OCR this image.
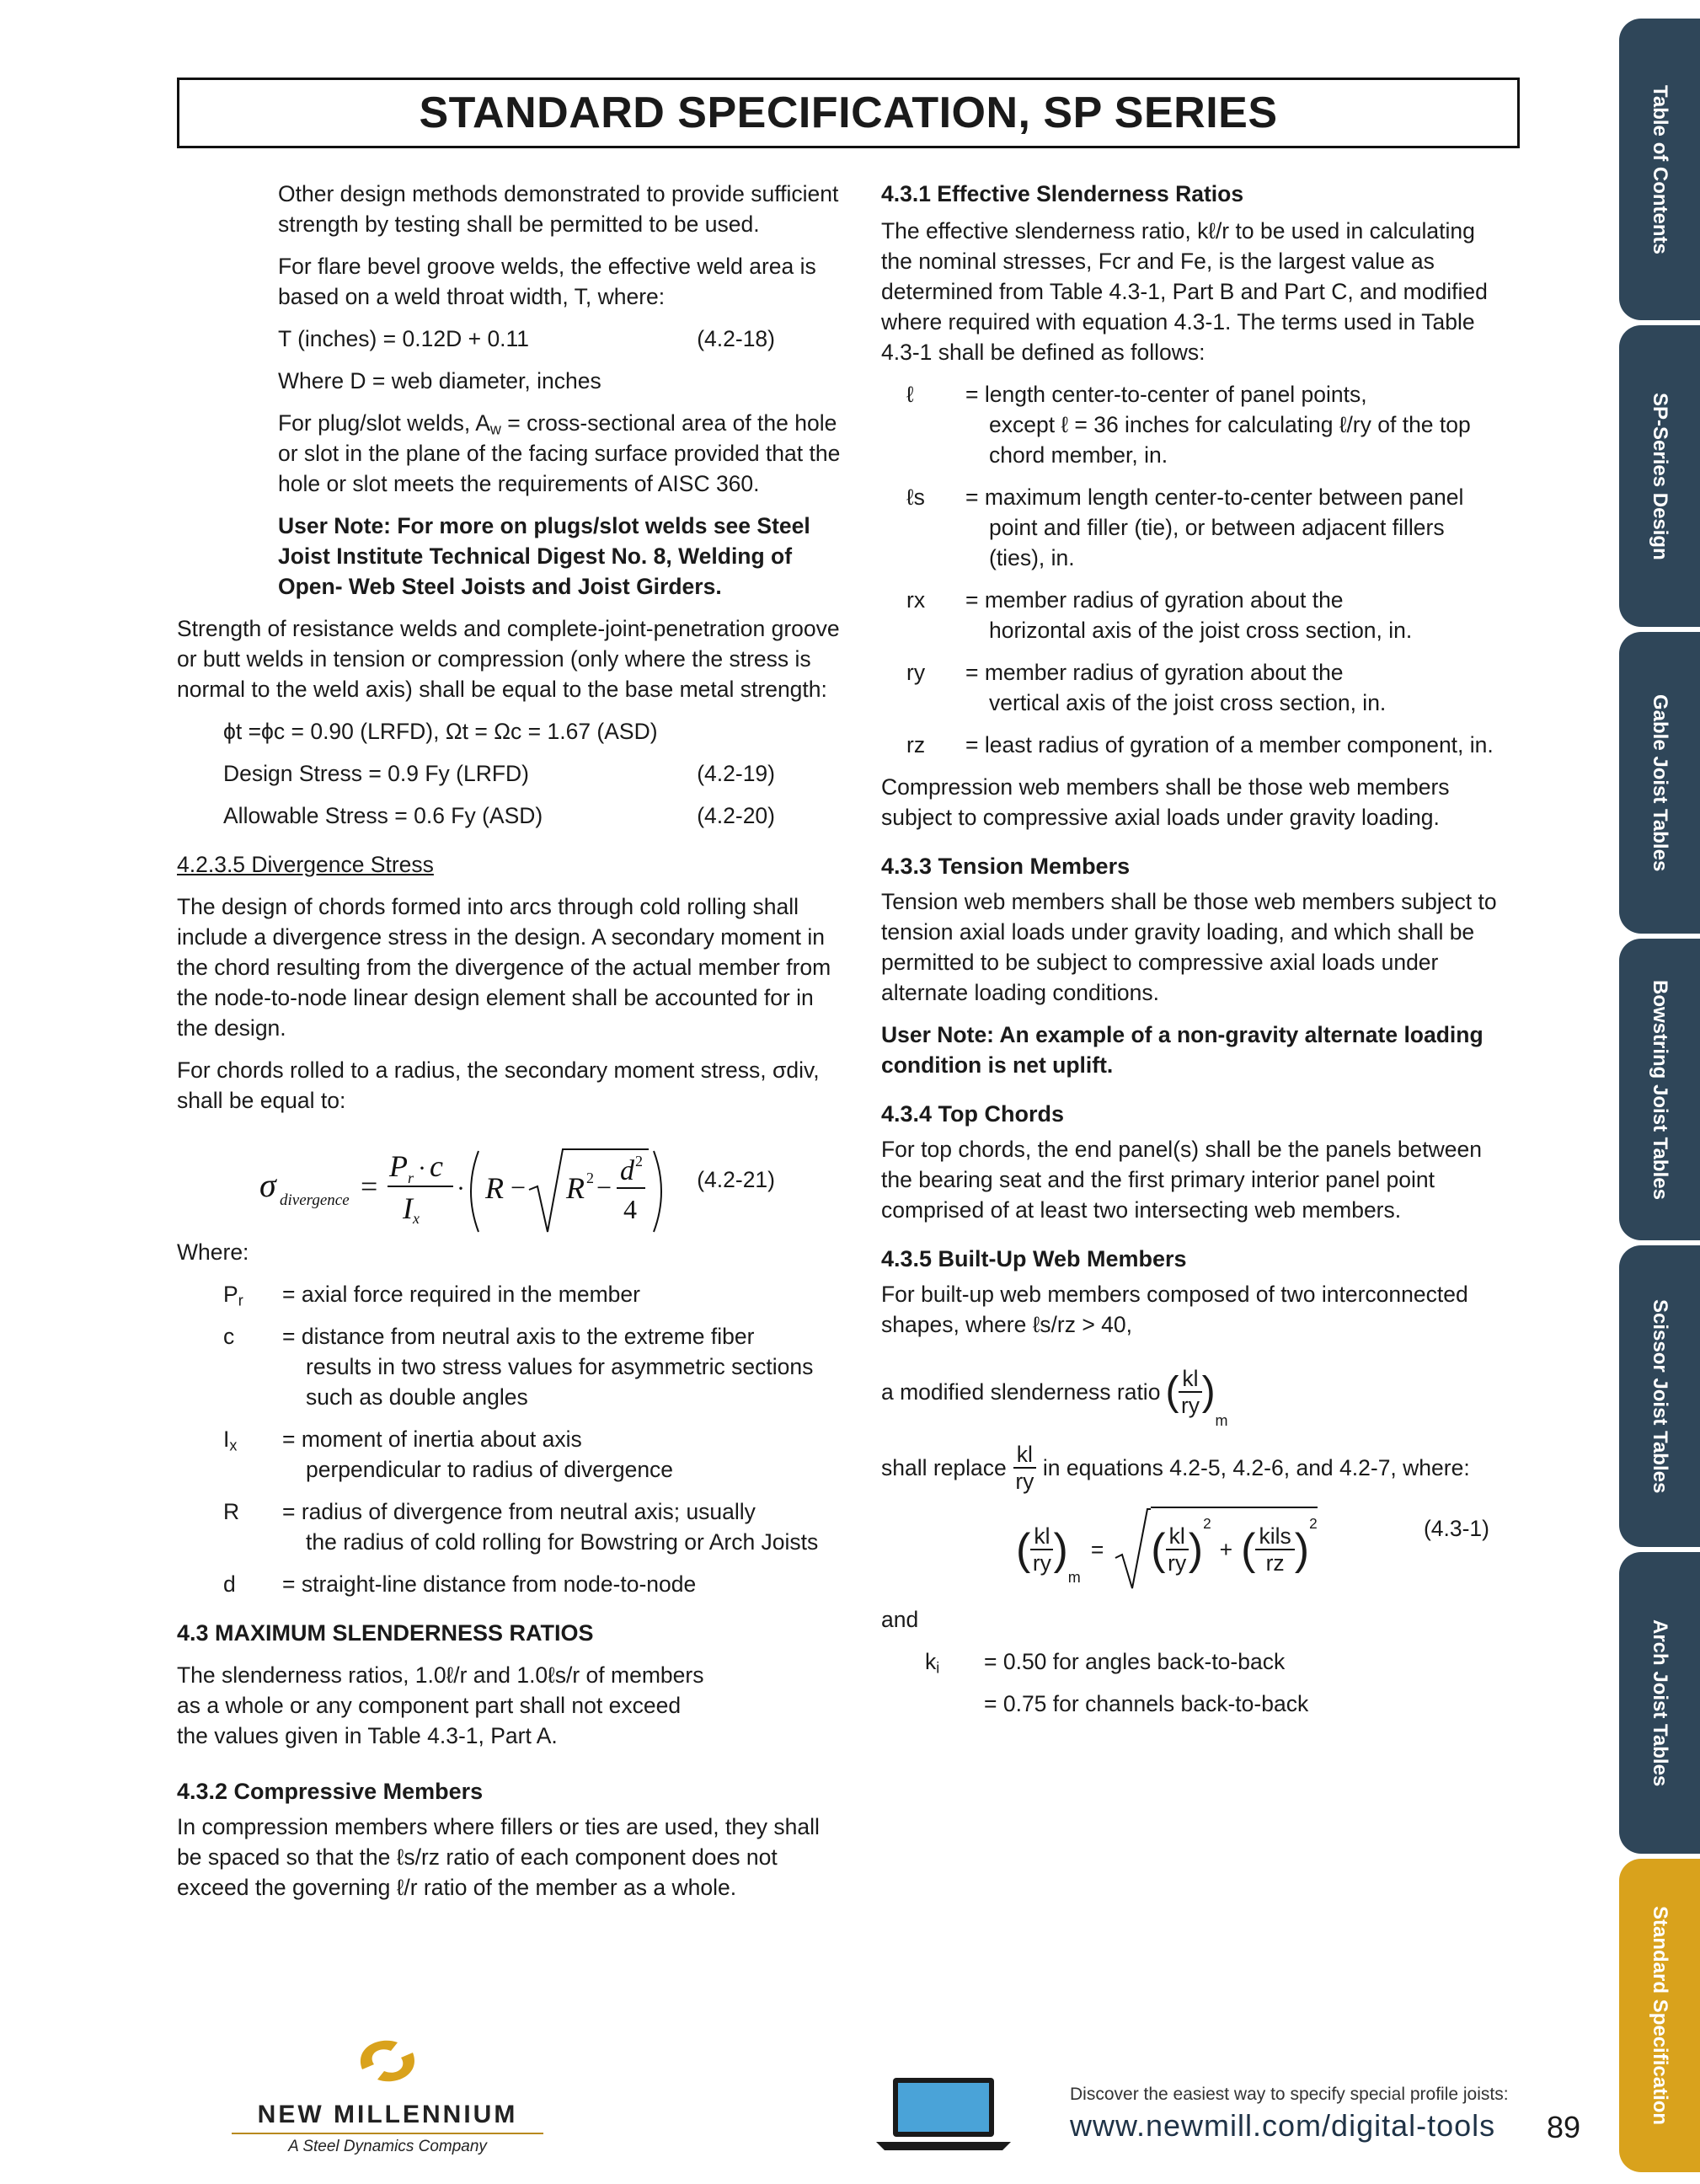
STANDARD SPECIFICATION, SP SERIES

Other design methods demonstrated to provide sufficient strength by testing shall be permitted to be used.

For flare bevel groove welds, the effective weld area is based on a weld throat width, T, where:

T (inches) = 0.12D + 0.11	(4.2-18)

Where D = web diameter, inches

For plug/slot welds, $A_w$ = cross-sectional area of the hole or slot in the plane of the facing surface provided that the hole or slot meets the requirements of AISC 360.

User Note: For more on plugs/slot welds see Steel Joist Institute Technical Digest No. 8, Welding of Open- Web Steel Joists and Joist Girders.

Strength of resistance welds and complete-joint-penetration groove or butt welds in tension or compression (only where the stress is normal to the weld axis) shall be equal to the base metal strength:

ϕt =ϕc = 0.90 (LRFD), Ωt = Ωc = 1.67 (ASD)

Design Stress = 0.9 Fy (LRFD)	(4.2-19)
Allowable Stress = 0.6 Fy (ASD)	(4.2-20)

4.2.3.5 Divergence Stress

The design of chords formed into arcs through cold rolling shall include a divergence stress in the design. A secondary moment in the chord resulting from the divergence of the actual member from the node-to-node linear design element shall be accounted for in the design.

For chords rolled to a radius, the secondary moment stress, σdiv, shall be equal to:

σ divergence =
P r · c
I x
· R − R 2 −
d 2
4
(4.2-21)

Where:

$P_r$	= axial force required in the member
c	= distance from neutral axis to the extreme fiber
results in two stress values for asymmetric sections such as double angles
$I_x$	= moment of inertia about axis
perpendicular to radius of divergence
R	= radius of divergence from neutral axis; usually
the radius of cold rolling for Bowstring or Arch Joists
d	= straight-line distance from node-to-node

4.3 MAXIMUM SLENDERNESS RATIOS

The slenderness ratios, 1.0ℓ/r and 1.0ℓs/r of members as a whole or any component part shall not exceed the values given in Table 4.3-1, Part A.

4.3.2 Compressive Members

In compression members where fillers or ties are used, they shall be spaced so that the ℓs/rz ratio of each component does not exceed the governing ℓ/r ratio of the member as a whole.

4.3.1 Effective Slenderness Ratios

The effective slenderness ratio, kℓ/r to be used in calculating the nominal stresses, Fcr and Fe, is the largest value as determined from Table 4.3-1, Part B and Part C, and modified where required with equation 4.3-1. The terms used in Table 4.3-1 shall be defined as follows:

ℓ	= length center-to-center of panel points,
except ℓ = 36 inches for calculating ℓ/ry of the top chord member, in.
ℓs	= maximum length center-to-center between panel
point and filler (tie), or between adjacent fillers (ties), in.
rx	= member radius of gyration about the
horizontal axis of the joist cross section, in.
ry	= member radius of gyration about the
vertical axis of the joist cross section, in.
rz	= least radius of gyration of a member component, in.

Compression web members shall be those web members subject to compressive axial loads under gravity loading.

4.3.3 Tension Members

Tension web members shall be those web members subject to tension axial loads under gravity loading, and which shall be permitted to be subject to compressive axial loads under alternate loading conditions.

User Note: An example of a non-gravity alternate loading condition is net uplift.

4.3.4 Top Chords

For top chords, the end panel(s) shall be the panels between the bearing seat and the first primary interior panel point comprised of at least two intersecting web members.

4.3.5 Built-Up Web Members

For built-up web members composed of two interconnected shapes, where ℓs/rz > 40,

a modified slenderness ratio ( $\frac{kl}{ry}$ )
m
shall replace $\frac{kl}{ry}$ in equations 4.2-5, 4.2-6, and 4.2-7, where:
( $\frac{kl}{ry}$ )
m
= ( $\frac{kl}{ry}$ )
2
+ ( $\frac{\text{kils}}{rz}$ )
2	(4.3-1)

and

$k_i$	= 0.50 for angles back-to-back
= 0.75 for channels back-to-back
Table of Contents
SP-Series Design
Gable Joist Tables
Bowstring Joist Tables
Scissor Joist Tables
Arch Joist Tables
Standard Specification
NEW MILLENNIUM
A Steel Dynamics Company
Discover the easiest way to specify special profile joists:
www.newmill.com/digital-tools	89
